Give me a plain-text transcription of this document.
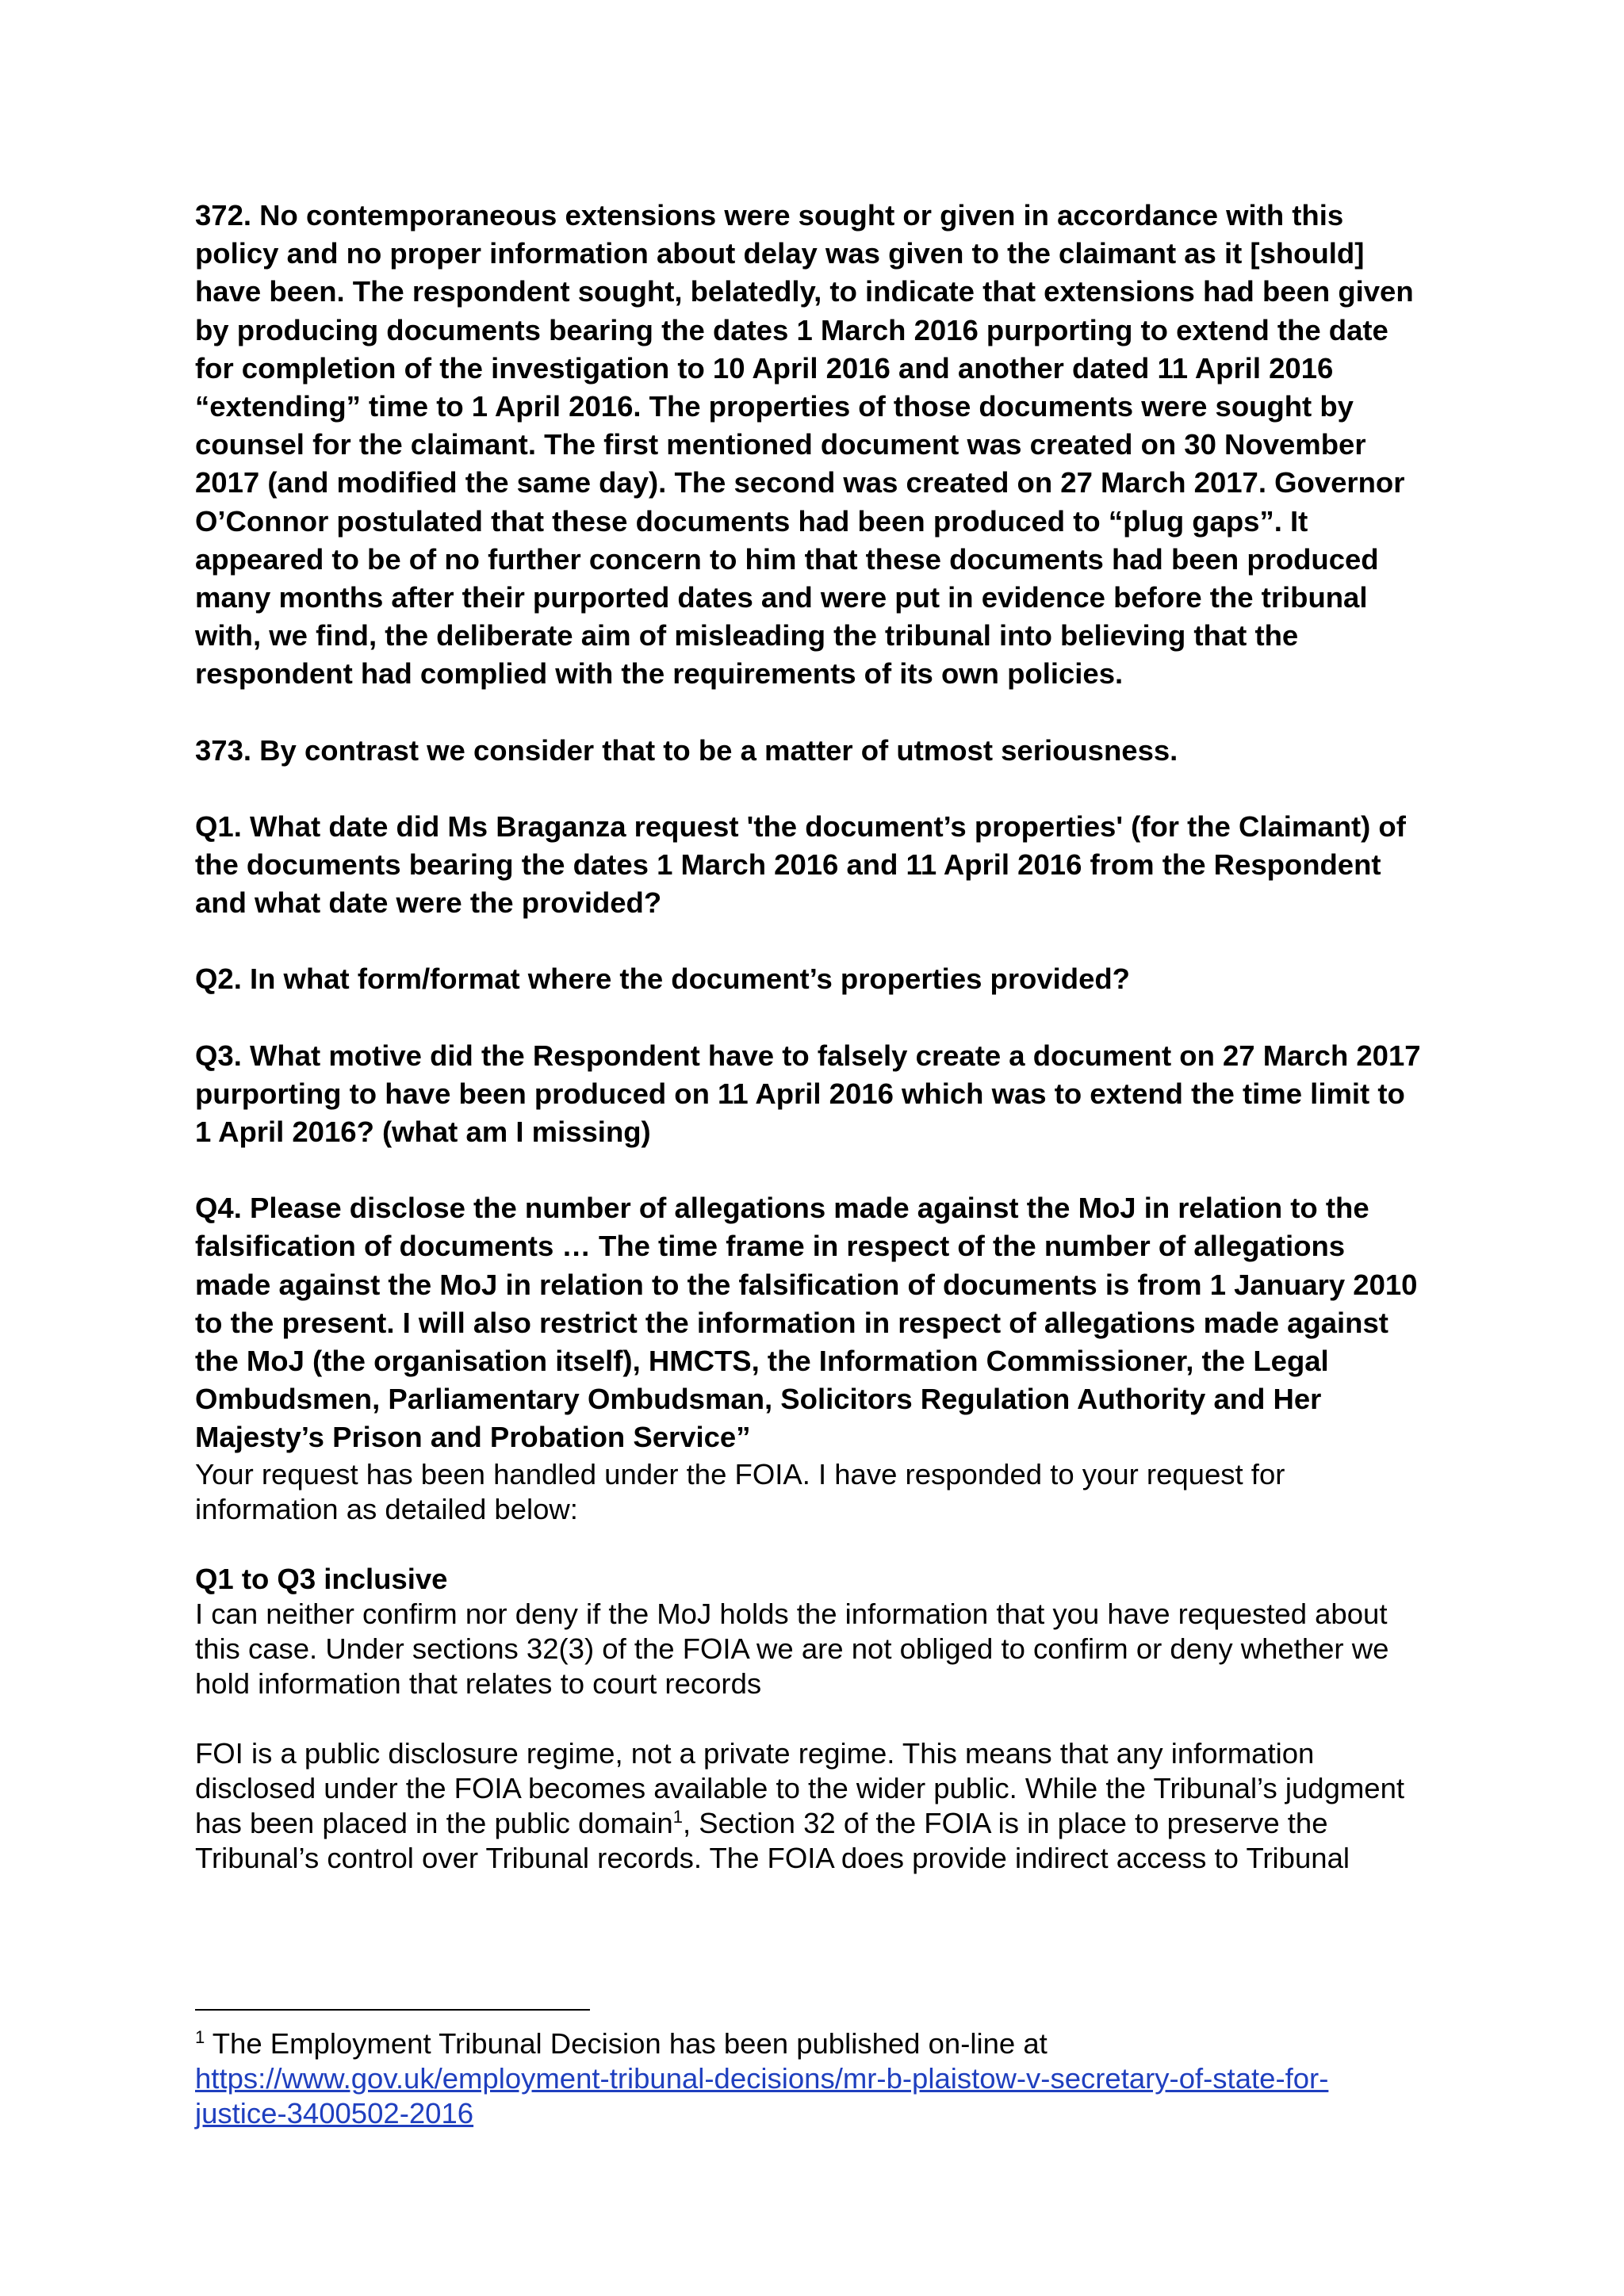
372. No contemporaneous extensions were sought or given in accordance with this
policy and no proper information about delay was given to the claimant as it [should]
have been. The respondent sought, belatedly, to indicate that extensions had been given
by producing documents bearing the dates 1 March 2016 purporting to extend the date
for completion of the investigation to 10 April 2016 and another dated 11 April 2016
“extending” time to 1 April 2016. The properties of those documents were sought by
counsel for the claimant. The first mentioned document was created on 30 November
2017 (and modified the same day). The second was created on 27 March 2017. Governor
O’Connor postulated that these documents had been produced to “plug gaps”. It
appeared to be of no further concern to him that these documents had been produced
many months after their purported dates and were put in evidence before the tribunal
with, we find, the deliberate aim of misleading the tribunal into believing that the
respondent had complied with the requirements of its own policies.

373. By contrast we consider that to be a matter of utmost seriousness.

Q1. What date did Ms Braganza request 'the document’s properties' (for the Claimant) of
the documents bearing the dates 1 March 2016 and 11 April 2016 from the Respondent
and what date were the provided?

Q2. In what form/format where the document’s properties provided?

Q3. What motive did the Respondent have to falsely create a document on 27 March 2017
purporting to have been produced on 11 April 2016 which was to extend the time limit to
1 April 2016? (what am I missing)

Q4. Please disclose the number of allegations made against the MoJ in relation to the
falsification of documents … The time frame in respect of the number of allegations
made against the MoJ in relation to the falsification of documents is from 1 January 2010
to the present. I will also restrict the information in respect of allegations made against
the MoJ (the organisation itself), HMCTS, the Information Commissioner, the Legal
Ombudsmen, Parliamentary Ombudsman, Solicitors Regulation Authority and Her
Majesty’s Prison and Probation Service”

Your request has been handled under the FOIA. I have responded to your request for
information as detailed below:

Q1 to Q3 inclusive

I can neither confirm nor deny if the MoJ holds the information that you have requested about
this case. Under sections 32(3) of the FOIA we are not obliged to confirm or deny whether we
hold information that relates to court records

FOI is a public disclosure regime, not a private regime. This means that any information
disclosed under the FOIA becomes available to the wider public. While the Tribunal’s judgment
has been placed in the public domain$^1$, Section 32 of the FOIA is in place to preserve the
Tribunal’s control over Tribunal records. The FOIA does provide indirect access to Tribunal

$^1$ The Employment Tribunal Decision has been published on-line at
https://www.gov.uk/employment-tribunal-decisions/mr-b-plaistow-v-secretary-of-state-for-
justice-3400502-2016
